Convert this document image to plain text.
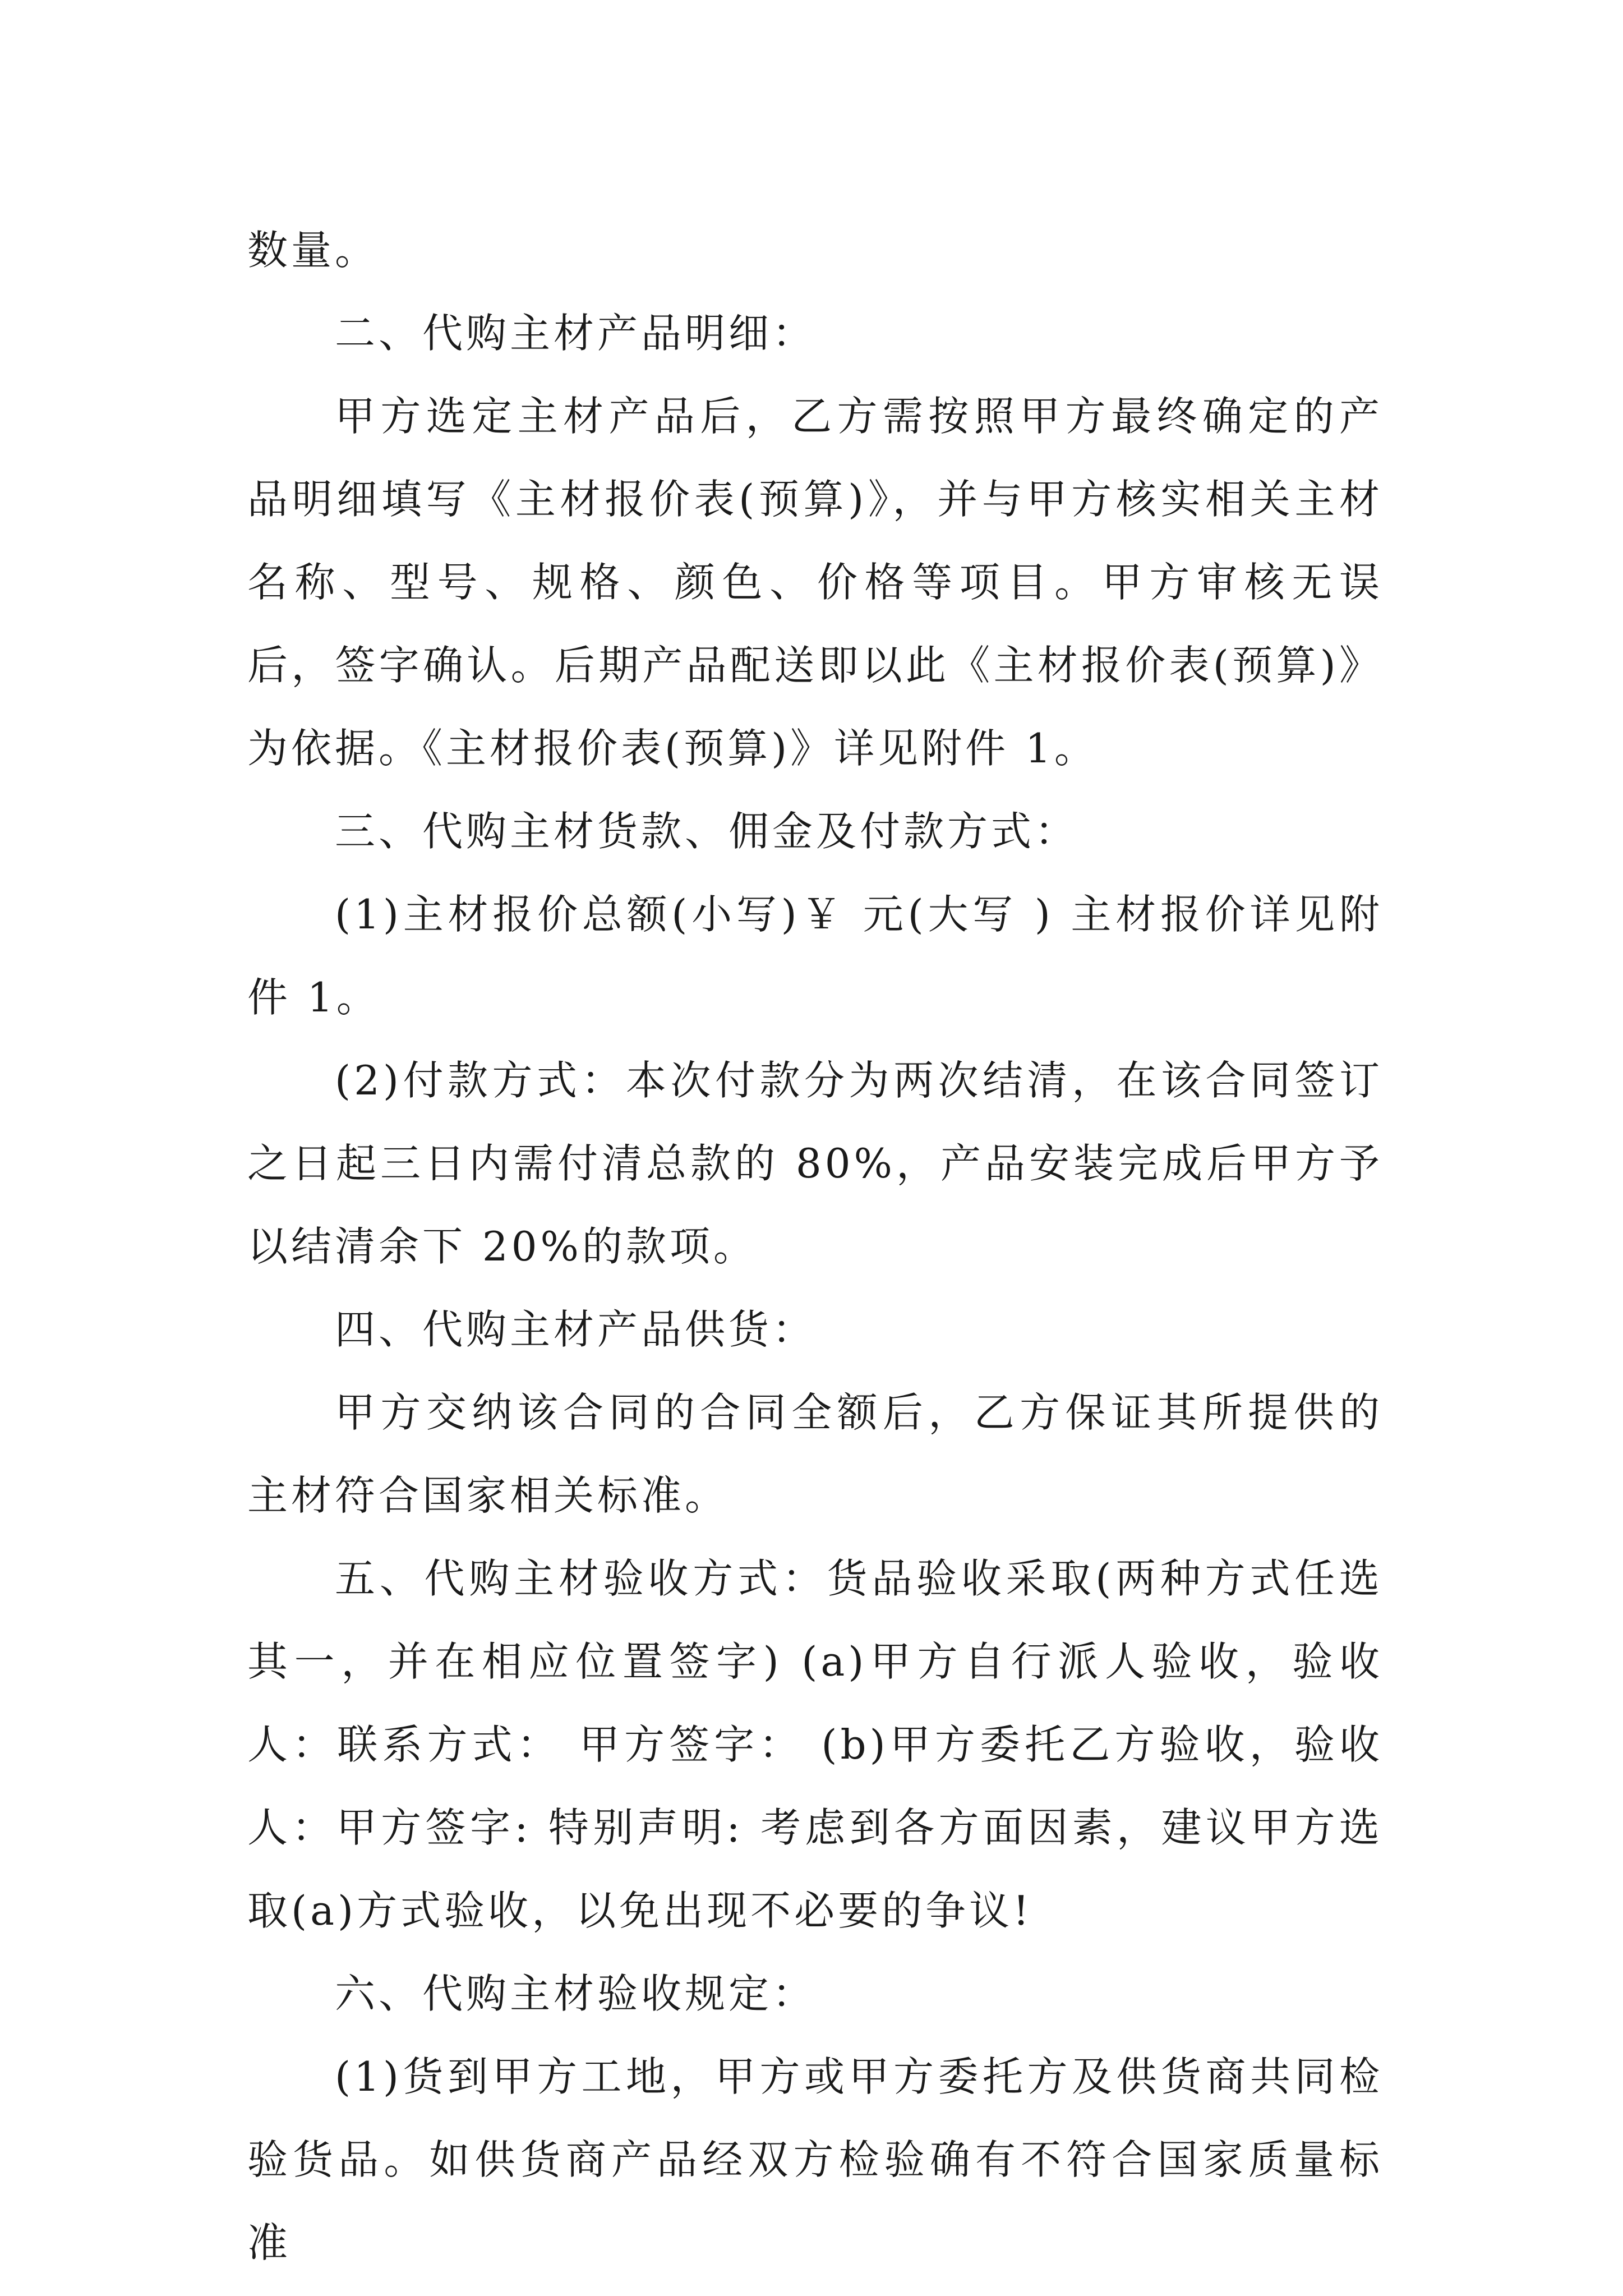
数量。

二、代购主材产品明细：

甲方选定主材产品后，乙方需按照甲方最终确定的产品明细填写《主材报价表(预算)》，并与甲方核实相关主材名称、型号、规格、颜色、价格等项目。甲方审核无误后，签字确认。后期产品配送即以此《主材报价表(预算)》为依据。《主材报价表(预算)》详见附件 1。

三、代购主材货款、佣金及付款方式：

(1)主材报价总额(小写)￥ 元(大写 ) 主材报价详见附件 1。

(2)付款方式：本次付款分为两次结清，在该合同签订之日起三日内需付清总款的 80%，产品安装完成后甲方予以结清余下 20%的款项。

四、代购主材产品供货：

甲方交纳该合同的合同全额后，乙方保证其所提供的主材符合国家相关标准。

五、代购主材验收方式：货品验收采取(两种方式任选其一，并在相应位置签字) (a)甲方自行派人验收，验收人：联系方式： 甲方签字： (b)甲方委托乙方验收，验收人：甲方签字: 特别声明: 考虑到各方面因素，建议甲方选取(a)方式验收，以免出现不必要的争议!

六、代购主材验收规定：

(1)货到甲方工地，甲方或甲方委托方及供货商共同检验货品。如供货商产品经双方检验确有不符合国家质量标准
